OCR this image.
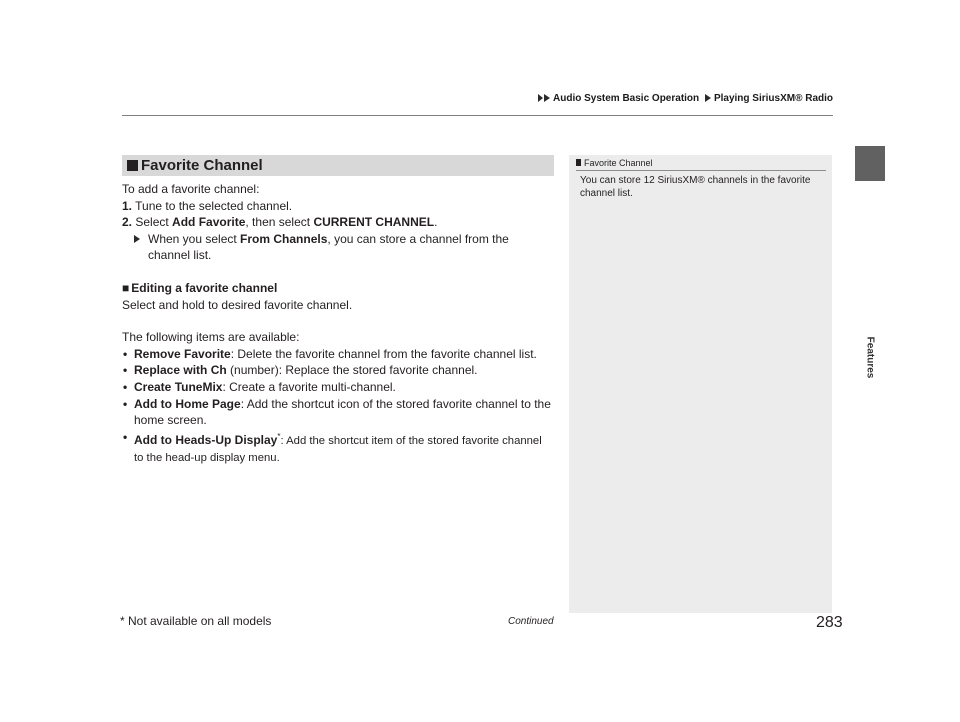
Audio System Basic Operation Playing SiriusXM® Radio
Features
Favorite Channel
To add a favorite channel:
1. Tune to the selected channel.
2. Select Add Favorite, then select CURRENT CHANNEL.
When you select From Channels, you can store a channel from the channel list.
■ Editing a favorite channel
Select and hold to desired favorite channel.
The following items are available:
• Remove Favorite: Delete the favorite channel from the favorite channel list.
• Replace with Ch (number): Replace the stored favorite channel.
• Create TuneMix: Create a favorite multi-channel.
• Add to Home Page: Add the shortcut icon of the stored favorite channel to the home screen.
• Add to Heads-Up Display*: Add the shortcut item of the stored favorite channel to the head-up display menu.
Favorite Channel
You can store 12 SiriusXM® channels in the favorite channel list.
* Not available on all models	Continued	283
